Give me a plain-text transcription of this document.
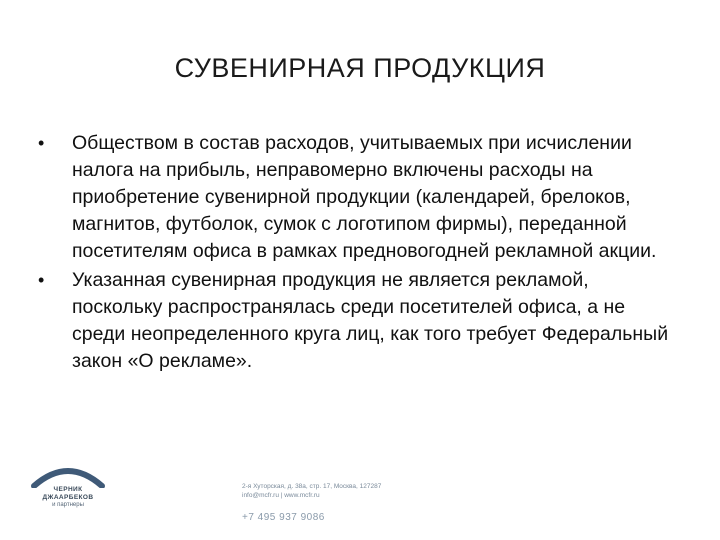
СУВЕНИРНАЯ ПРОДУКЦИЯ
•	Обществом в состав расходов, учитываемых при исчислении налога на прибыль, неправомерно включены расходы на приобретение сувенирной продукции (календарей, брелоков, магнитов, футболок, сумок с логотипом фирмы), переданной посетителям офиса в рамках предновогодней рекламной акции.
•	Указанная сувенирная продукция не является рекламой, поскольку распространялась среди посетителей офиса, а не среди неопределенного круга лиц, как того требует Федеральный закон «О рекламе».
ЧЕРНИК
ДЖААРБЕКОВ
и партнеры
2-я Хуторская, д. 38а, стр. 17, Москва, 127287
info@mcfr.ru | www.mcfr.ru
+7 495 937 9086
